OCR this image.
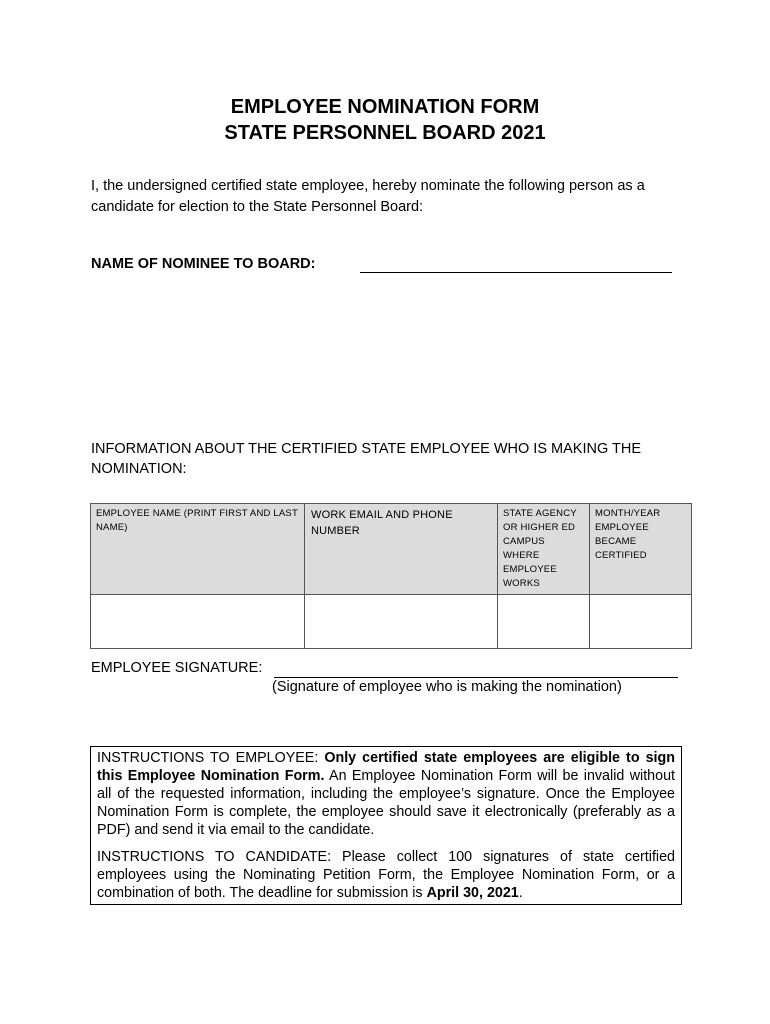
EMPLOYEE NOMINATION FORM
STATE PERSONNEL BOARD 2021
I, the undersigned certified state employee, hereby nominate the following person as a candidate for election to the State Personnel Board:
NAME OF NOMINEE TO BOARD:
INFORMATION ABOUT THE CERTIFIED STATE EMPLOYEE WHO IS MAKING THE NOMINATION:
EMPLOYEE NAME (PRINT FIRST AND LAST NAME)	WORK EMAIL AND PHONE NUMBER	STATE AGENCY OR HIGHER ED CAMPUS WHERE EMPLOYEE WORKS	MONTH/YEAR EMPLOYEE BECAME CERTIFIED

EMPLOYEE SIGNATURE:
(Signature of employee who is making the nomination)

INSTRUCTIONS TO EMPLOYEE: Only certified state employees are eligible to sign this Employee Nomination Form. An Employee Nomination Form will be invalid without all of the requested information, including the employee’s signature. Once the Employee Nomination Form is complete, the employee should save it electronically (preferably as a PDF) and send it via email to the candidate.

INSTRUCTIONS TO CANDIDATE: Please collect 100 signatures of state certified employees using the Nominating Petition Form, the Employee Nomination Form, or a combination of both. The deadline for submission is April 30, 2021.
